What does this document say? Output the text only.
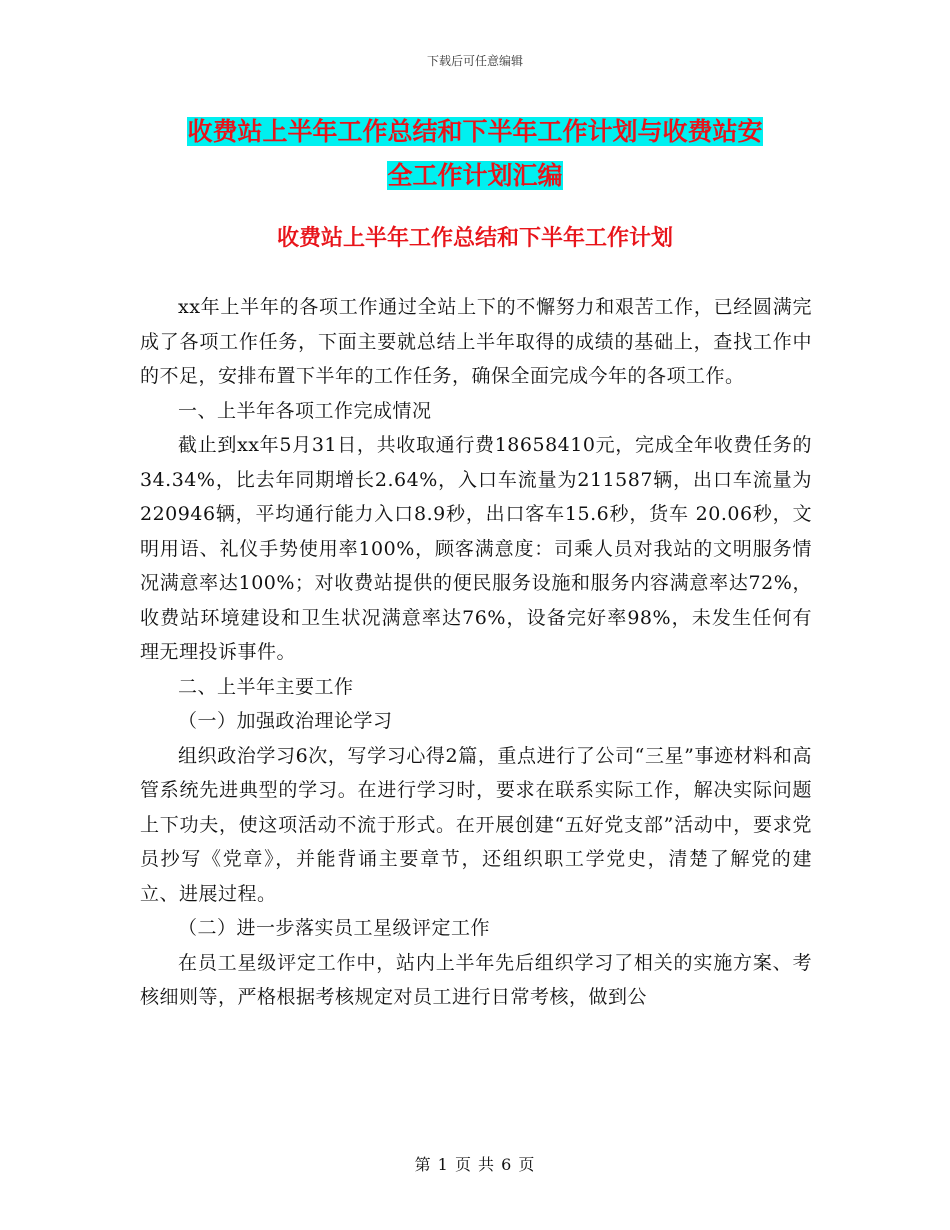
下载后可任意编辑
收费站上半年工作总结和下半年工作计划与收费站安
全工作计划汇编
收费站上半年工作总结和下半年工作计划

xx年上半年的各项工作通过全站上下的不懈努力和艰苦工作，已经圆满完成了各项工作任务，下面主要就总结上半年取得的成绩的基础上，查找工作中的不足，安排布置下半年的工作任务，确保全面完成今年的各项工作。

一、上半年各项工作完成情况

截止到xx年5月31日，共收取通行费18658410元，完成全年收费任务的34.34%，比去年同期增长2.64%，入口车流量为211587辆，出口车流量为220946辆，平均通行能力入口8.9秒，出口客车15.6秒，货车 20.06秒，文明用语、礼仪手势使用率100%，顾客满意度：司乘人员对我站的文明服务情况满意率达100%；对收费站提供的便民服务设施和服务内容满意率达72%，收费站环境建设和卫生状况满意率达76%，设备完好率98%，未发生任何有理无理投诉事件。

二、上半年主要工作

（一）加强政治理论学习

组织政治学习6次，写学习心得2篇，重点进行了公司“三星”事迹材料和高管系统先进典型的学习。在进行学习时，要求在联系实际工作，解决实际问题上下功夫，使这项活动不流于形式。在开展创建“五好党支部”活动中，要求党员抄写《党章》，并能背诵主要章节，还组织职工学党史，清楚了解党的建立、进展过程。

（二）进一步落实员工星级评定工作

在员工星级评定工作中，站内上半年先后组织学习了相关的实施方案、考核细则等，严格根据考核规定对员工进行日常考核，做到公

第 1 页 共 6 页
